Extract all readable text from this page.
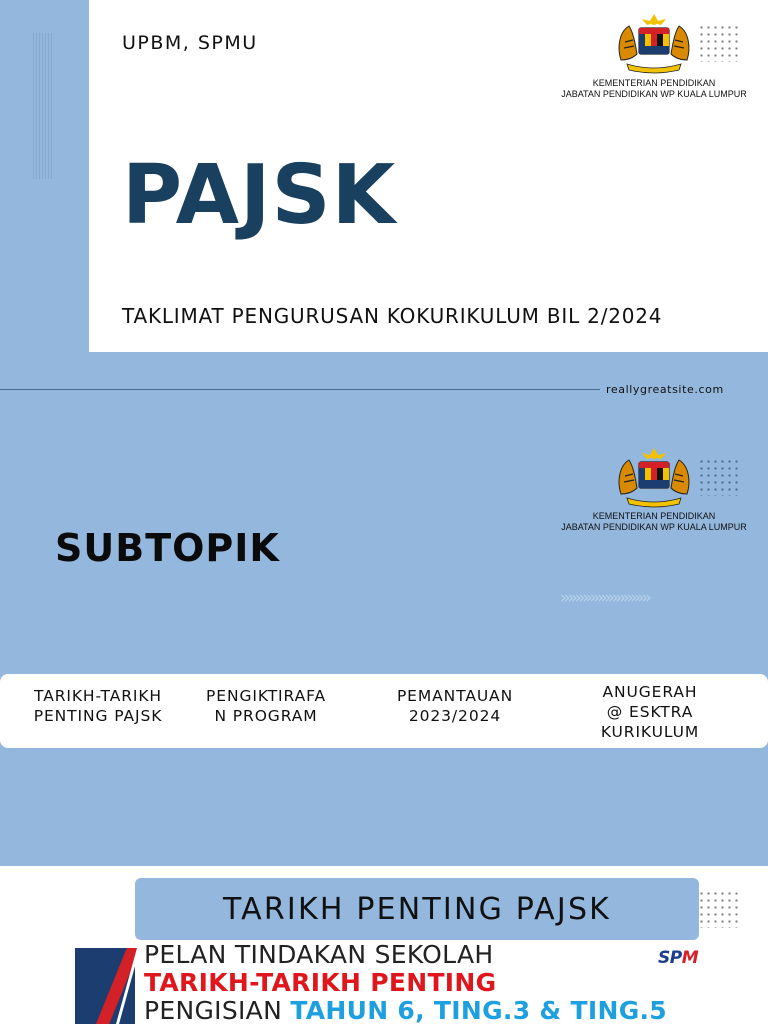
UPBM, SPMU
PAJSK
TAKLIMAT PENGURUSAN KOKURIKULUM BIL 2/2024
KEMENTERIAN PENDIDIKAN
JABATAN PENDIDIKAN WP KUALA LUMPUR
reallygreatsite.com
KEMENTERIAN PENDIDIKAN
JABATAN PENDIDIKAN WP KUALA LUMPUR
SUBTOPIK
»»»»»»»»»»»»
TARIKH-TARIKH
PENTING PAJSK
PENGIKTIRAFA
N PROGRAM
PEMANTAUAN
2023/2024
ANUGERAH
@ ESKTRA
KURIKULUM
TARIKH PENTING PAJSK
PELAN TINDAKAN SEKOLAH
TARIKH-TARIKH PENTING
PENGISIAN TAHUN 6, TING.3 & TING.5
SPM
